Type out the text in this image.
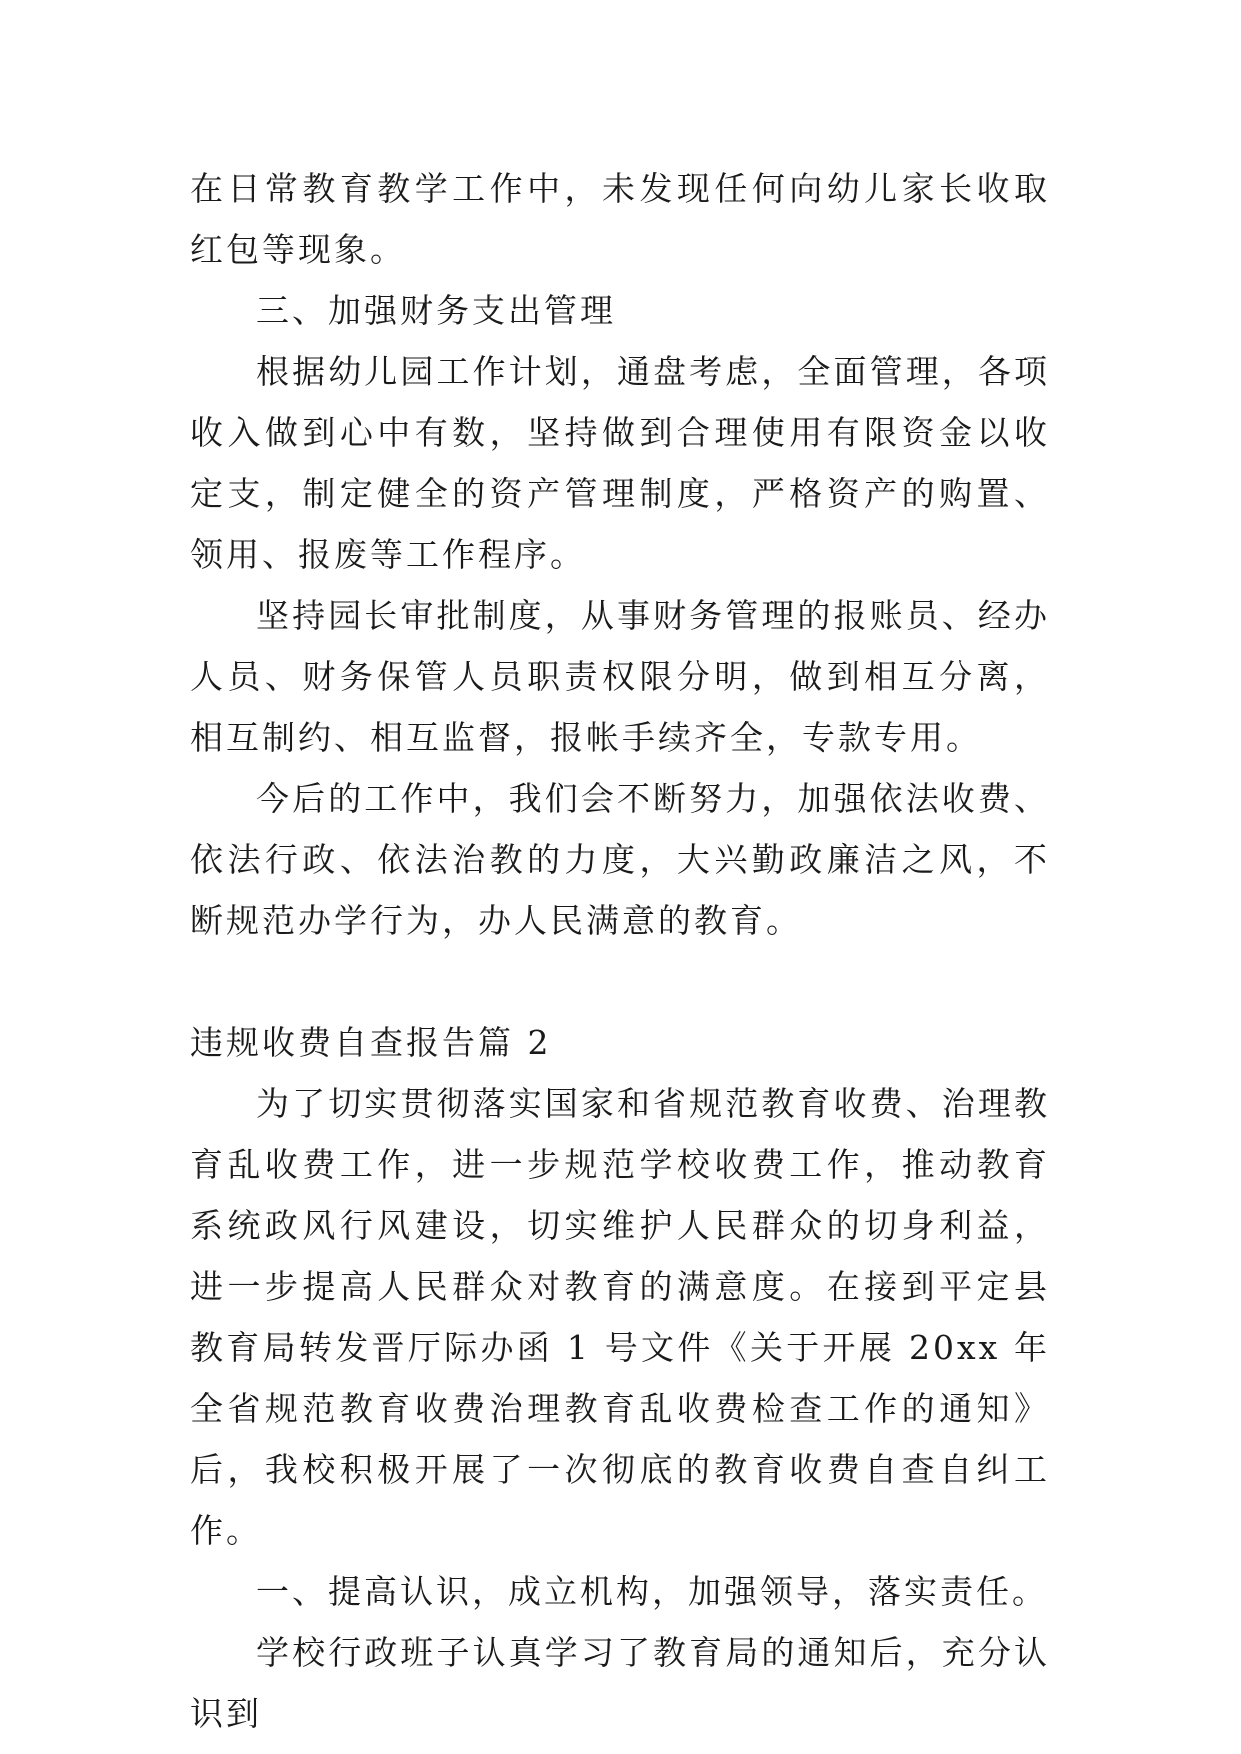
在日常教育教学工作中，未发现任何向幼儿家长收取红包等现象。

三、加强财务支出管理

根据幼儿园工作计划，通盘考虑，全面管理，各项收入做到心中有数，坚持做到合理使用有限资金以收定支，制定健全的资产管理制度，严格资产的购置、领用、报废等工作程序。

坚持园长审批制度，从事财务管理的报账员、经办人员、财务保管人员职责权限分明，做到相互分离，相互制约、相互监督，报帐手续齐全，专款专用。

今后的工作中，我们会不断努力，加强依法收费、依法行政、依法治教的力度，大兴勤政廉洁之风，不断规范办学行为，办人民满意的教育。

违规收费自查报告篇 2

为了切实贯彻落实国家和省规范教育收费、治理教育乱收费工作，进一步规范学校收费工作，推动教育系统政风行风建设，切实维护人民群众的切身利益，进一步提高人民群众对教育的满意度。在接到平定县教育局转发晋厅际办函 1 号文件《关于开展 20xx 年全省规范教育收费治理教育乱收费检查工作的通知》后，我校积极开展了一次彻底的教育收费自查自纠工作。

一、提高认识，成立机构，加强领导，落实责任。

学校行政班子认真学习了教育局的通知后，充分认识到
